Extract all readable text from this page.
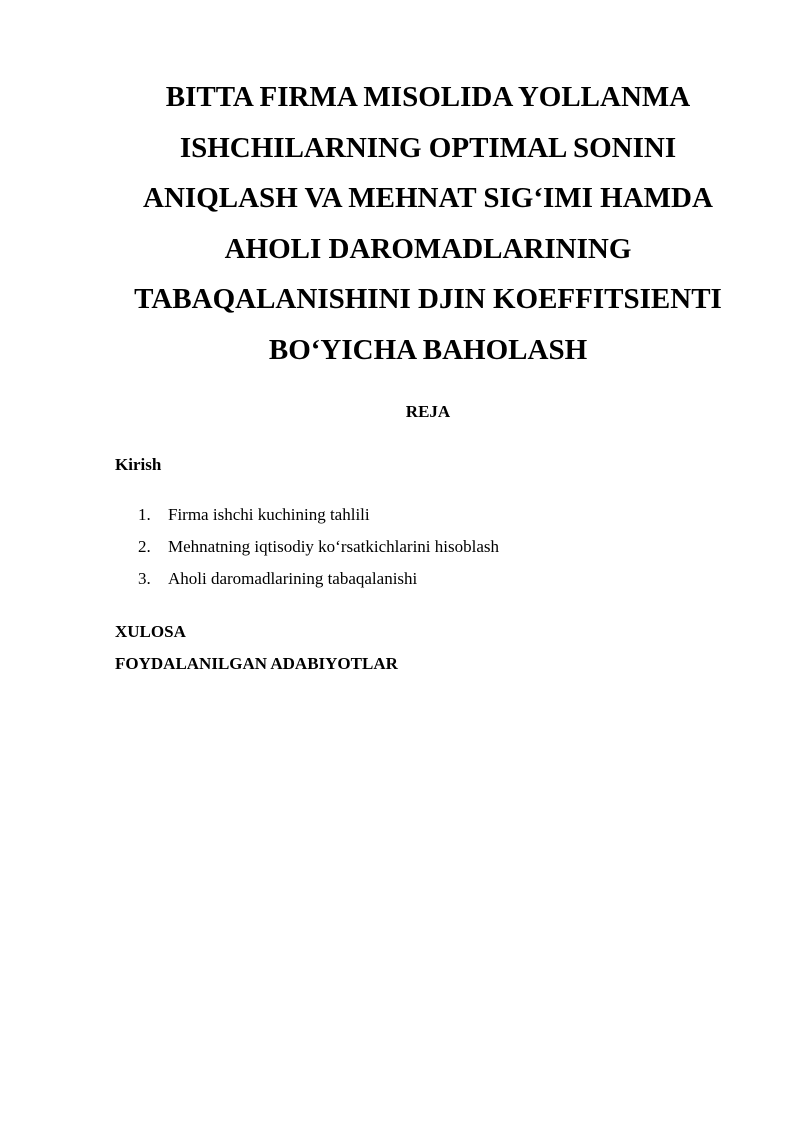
BITTA FIRMA MISOLIDA YOLLANMA ISHCHILARNING OPTIMAL SONINI ANIQLASH VA MEHNAT SIG‘IMI HAMDA AHOLI DAROMADLARINING TABAQALANISHINI DJIN KOEFFITSIENTI BO‘YICHA BAHOLASH
REJA
Kirish
1. Firma ishchi kuchining tahlili
2. Mehnatning iqtisodiy ko‘rsatkichlarini hisoblash
3. Aholi daromadlarining tabaqalanishi
XULOSA
FOYDALANILGAN ADABIYOTLAR
